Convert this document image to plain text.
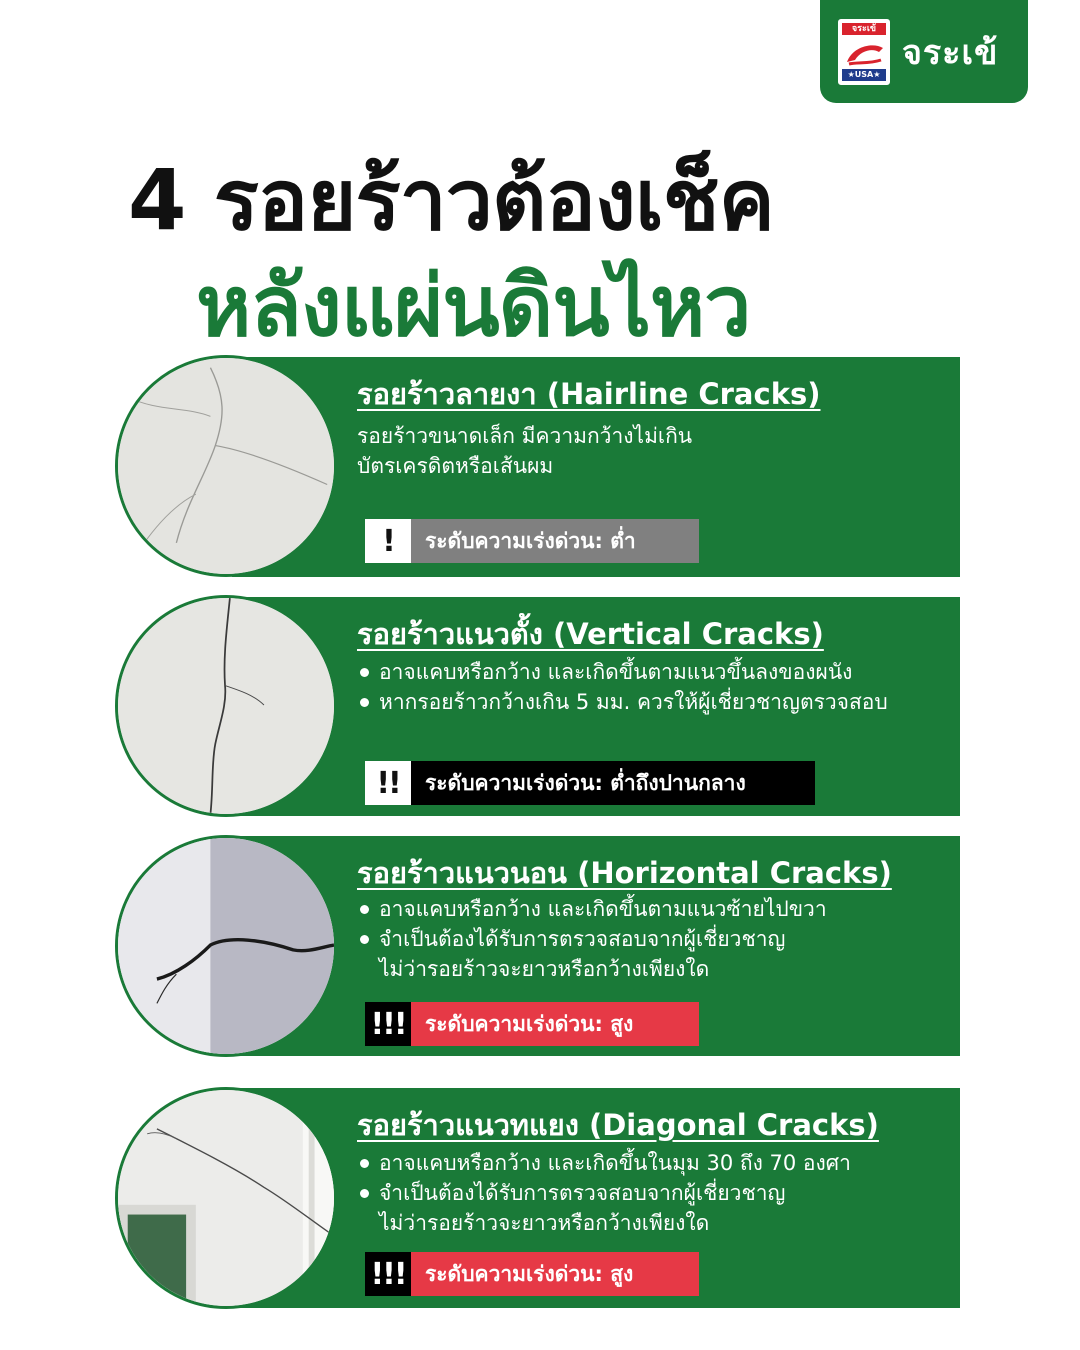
จระเข้
★USA★
จระเข้
4 รอยร้าวต้องเช็ค
หลังแผ่นดินไหว
รอยร้าวลายงา (Hairline Cracks)
รอยร้าวขนาดเล็ก มีความกว้างไม่เกิน
บัตรเครดิตหรือเส้นผม
!	ระดับความเร่งด่วน: ต่ำ
รอยร้าวแนวตั้ง (Vertical Cracks)
อาจแคบหรือกว้าง และเกิดขึ้นตามแนวขึ้นลงของผนัง
หากรอยร้าวกว้างเกิน 5 มม. ควรให้ผู้เชี่ยวชาญตรวจสอบ
!!	ระดับความเร่งด่วน: ต่ำถึงปานกลาง
รอยร้าวแนวนอน (Horizontal Cracks)
อาจแคบหรือกว้าง และเกิดขึ้นตามแนวซ้ายไปขวา
จำเป็นต้องได้รับการตรวจสอบจากผู้เชี่ยวชาญ
ไม่ว่ารอยร้าวจะยาวหรือกว้างเพียงใด
!!! ระดับความเร่งด่วน: สูง
รอยร้าวแนวทแยง (Diagonal Cracks)
อาจแคบหรือกว้าง และเกิดขึ้นในมุม 30 ถึง 70 องศา
จำเป็นต้องได้รับการตรวจสอบจากผู้เชี่ยวชาญ
ไม่ว่ารอยร้าวจะยาวหรือกว้างเพียงใด
!!! ระดับความเร่งด่วน: สูง
